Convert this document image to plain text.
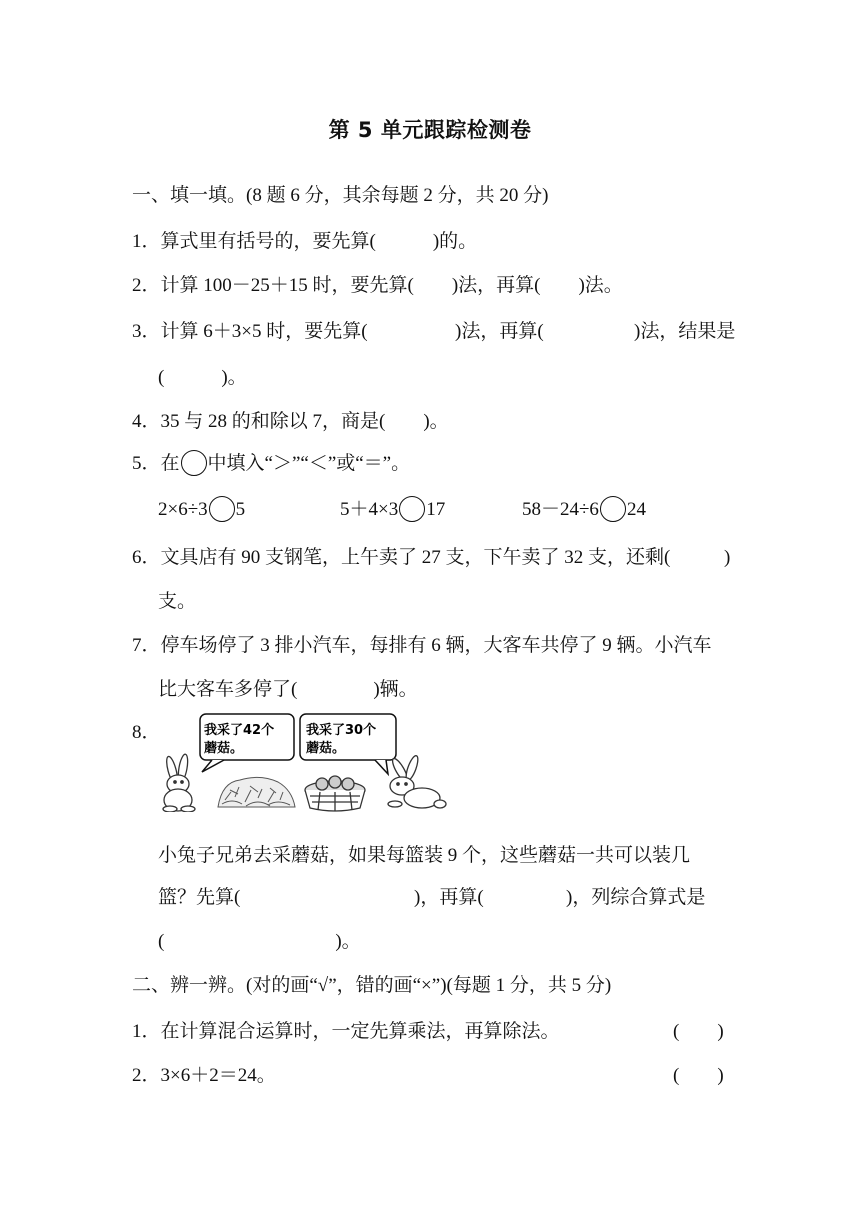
第 5 单元跟踪检测卷
一、填一填。(8 题 6 分，其余每题 2 分，共 20 分)
1．算式里有括号的，要先算(　　　)的。
2．计算 100－25＋15 时，要先算(　　)法，再算(　　)法。
3．计算 6＋3×5 时，要先算(	)法，再算(	)法，结果是
(　　　)。
4．35 与 28 的和除以 7，商是(　　)。
5．在 中填入“＞”“＜”或“＝”。
2×6÷3 5	5＋4×3 17	58－24÷6 24
6．文具店有 90 支钢笔，上午卖了 27 支，下午卖了 32 支，还剩(	)
支。
7．停车场停了 3 排小汽车，每排有 6 辆，大客车共停了 9 辆。小汽车
比大客车多停了(　　　　)辆。
8．	我采了42个
蘑菇。
我采了30个
蘑菇。
小兔子兄弟去采蘑菇，如果每篮装 9 个，这些蘑菇一共可以装几
篮？先算(	)，再算(	)，列综合算式是
(　　　　　　　　　)。
二、辨一辨。(对的画“√”，错的画“×”)(每题 1 分，共 5 分)
1．在计算混合运算时，一定先算乘法，再算除法。	(　　)
2．3×6＋2＝24。	(　　)
